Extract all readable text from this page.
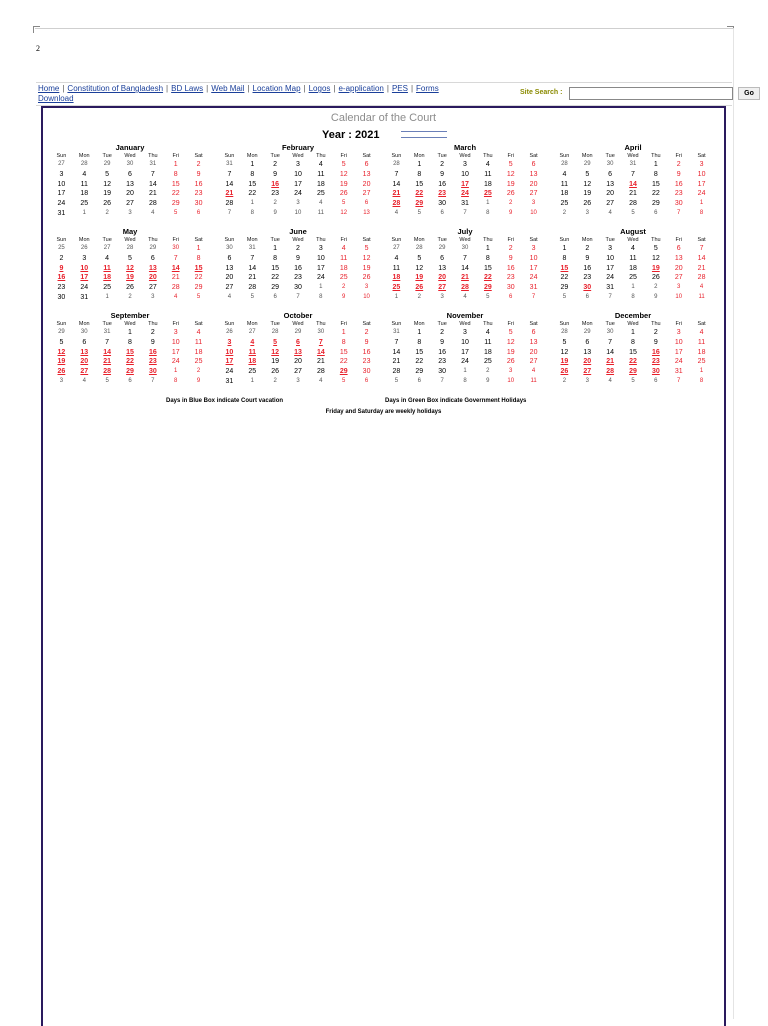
2
Home | Constitution of Bangladesh | BD Laws | Web Mail | Location Map | Logos | e-application | PES | Forms
Download
Site Search :	Go
Calendar of the Court
Year : 2021
January
Sun	Mon	Tue	Wed	Thu	Fri	Sat
27	28	29	30	31	1	2
3	4	5	6	7	8	9
10	11	12	13	14	15	16
17	18	19	20	21	22	23
24	25	26	27	28	29	30
31	1	2	3	4	5	6
February
Sun	Mon	Tue	Wed	Thu	Fri	Sat
31	1	2	3	4	5	6
7	8	9	10	11	12	13
14	15	16	17	18	19	20
21	22	23	24	25	26	27
28	1	2	3	4	5	6
7	8	9	10	11	12	13
March
Sun	Mon	Tue	Wed	Thu	Fri	Sat
28	1	2	3	4	5	6
7	8	9	10	11	12	13
14	15	16	17	18	19	20
21	22	23	24	25	26	27
28	29	30	31	1	2	3
4	5	6	7	8	9	10
April
Sun	Mon	Tue	Wed	Thu	Fri	Sat
28	29	30	31	1	2	3
4	5	6	7	8	9	10
11	12	13	14	15	16	17
18	19	20	21	22	23	24
25	26	27	28	29	30	1
2	3	4	5	6	7	8
May
Sun	Mon	Tue	Wed	Thu	Fri	Sat
25	26	27	28	29	30	1
2	3	4	5	6	7	8
9	10	11	12	13	14	15
16	17	18	19	20	21	22
23	24	25	26	27	28	29
30	31	1	2	3	4	5
June
Sun	Mon	Tue	Wed	Thu	Fri	Sat
30	31	1	2	3	4	5
6	7	8	9	10	11	12
13	14	15	16	17	18	19
20	21	22	23	24	25	26
27	28	29	30	1	2	3
4	5	6	7	8	9	10
July
Sun	Mon	Tue	Wed	Thu	Fri	Sat
27	28	29	30	1	2	3
4	5	6	7	8	9	10
11	12	13	14	15	16	17
18	19	20	21	22	23	24
25	26	27	28	29	30	31
1	2	3	4	5	6	7
August
Sun	Mon	Tue	Wed	Thu	Fri	Sat
1	2	3	4	5	6	7
8	9	10	11	12	13	14
15	16	17	18	19	20	21
22	23	24	25	26	27	28
29	30	31	1	2	3	4
5	6	7	8	9	10	11
September
Sun	Mon	Tue	Wed	Thu	Fri	Sat
29	30	31	1	2	3	4
5	6	7	8	9	10	11
12	13	14	15	16	17	18
19	20	21	22	23	24	25
26	27	28	29	30	1	2
3	4	5	6	7	8	9
October
Sun	Mon	Tue	Wed	Thu	Fri	Sat
26	27	28	29	30	1	2
3	4	5	6	7	8	9
10	11	12	13	14	15	16
17	18	19	20	21	22	23
24	25	26	27	28	29	30
31	1	2	3	4	5	6
November
Sun	Mon	Tue	Wed	Thu	Fri	Sat
31	1	2	3	4	5	6
7	8	9	10	11	12	13
14	15	16	17	18	19	20
21	22	23	24	25	26	27
28	29	30	1	2	3	4
5	6	7	8	9	10	11
December
Sun	Mon	Tue	Wed	Thu	Fri	Sat
28	29	30	1	2	3	4
5	6	7	8	9	10	11
12	13	14	15	16	17	18
19	20	21	22	23	24	25
26	27	28	29	30	31	1
2	3	4	5	6	7	8
Days in Blue Box indicate Court vacation	Days in Green Box indicate Government Holidays
Friday and Saturday are weekly holidays
